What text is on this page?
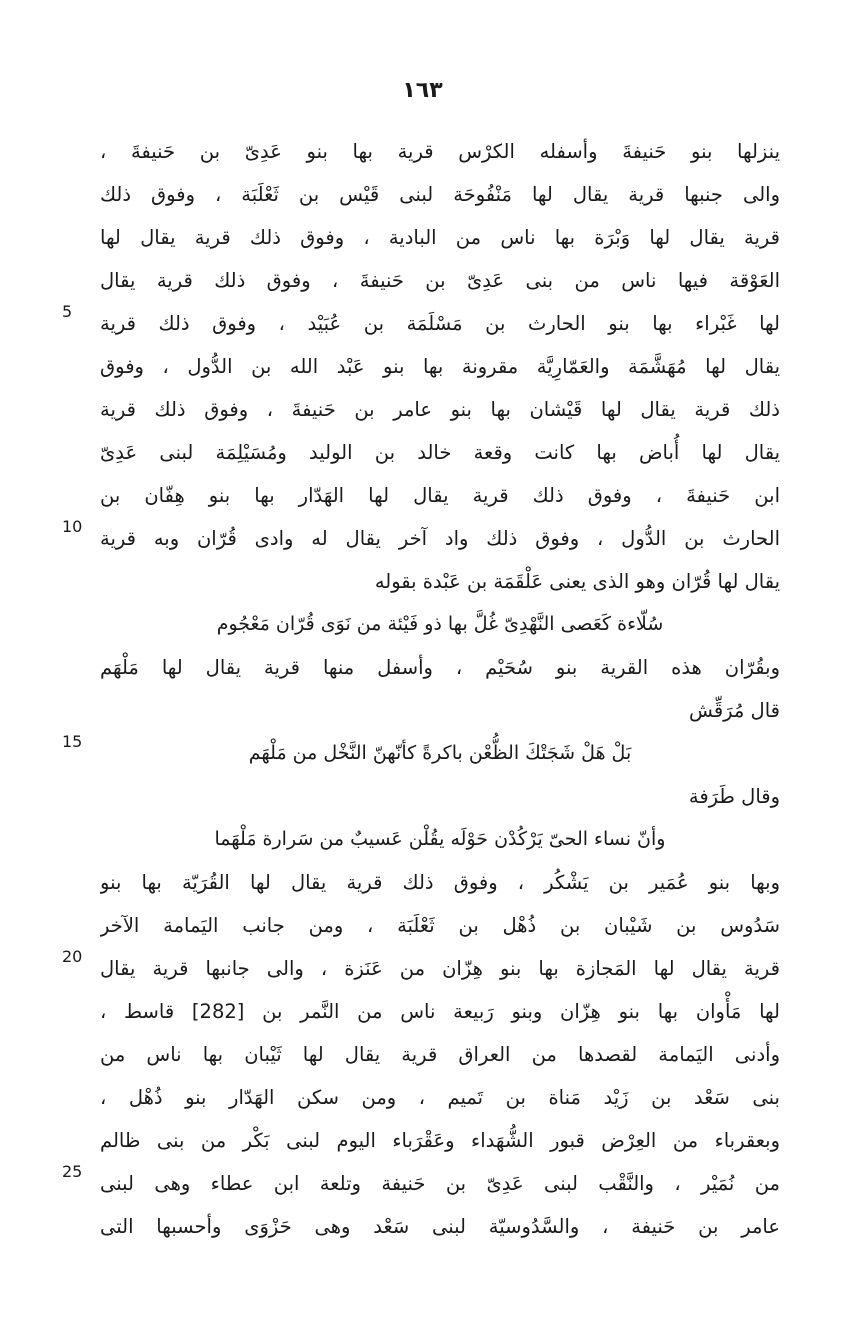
١٦٣
ينزلها بنو حَنيفةَ وأسفله الكرْس قرية بها بنو عَدِىّ بن حَنيفةَ ،
والى جنبها قرية يقال لها مَنْفُوحَة لبنى قَيْس بن ثَعْلَبَة ، وفوق ذلك
قرية يقال لها وَبْرَة بها ناس من البادية ، وفوق ذلك قرية يقال لها
العَوْقة فيها ناس من بنى عَدِىّ بن حَنيفةَ ، وفوق ذلك قرية يقال
لها غَبْراء بها بنو الحارث بن مَسْلَمَة بن عُبَيْد ، وفوق ذلك قرية
يقال لها مُهَشَّمَة والعَمّارِيَّة مقرونة بها بنو عَبْد الله بن الدُّول ، وفوق
ذلك قرية يقال لها قَيْشان بها بنو عامر بن حَنيفةَ ، وفوق ذلك قرية
يقال لها أُباض بها كانت وقعة خالد بن الوليد ومُسَيْلِمَة لبنى عَدِىّ
ابن حَنيفةَ ، وفوق ذلك قرية يقال لها الهَدّار بها بنو هِفّان بن
الحارث بن الدُّول ، وفوق ذلك واد آخر يقال له وادى قُرّان وبه قرية
يقال لها قُرّان وهو الذى يعنى عَلْقَمَة بن عَبْدة بقوله
سُلّاءة كَعَصى النَّهْدِىّ غُلَّ بها ذو فَيْئة من نَوَى قُرّان مَعْجُوم
وبقُرّان هذه القرية بنو سُحَيْم ، وأسفل منها قرية يقال لها مَلْهَم
قال مُرَقِّش
بَلْ هَلْ شَجَتْكَ الظُّعْن باكرةً كأنّهنّ النَّخْل من مَلْهَم
وقال طَرَفة
وأنّ نساء الحىّ يَرْكُدْن حَوْلَه يقُلْن عَسيبٌ من سَرارة مَلْهَما
وبها بنو عُمَير بن يَشْكُر ، وفوق ذلك قرية يقال لها القُرَيّة بها بنو
سَدُوس بن شَيْبان بن ذُهْل بن ثَعْلَبَة ، ومن جانب اليَمامة الآخر
قرية يقال لها المَجازة بها بنو هِزّان من عَنَزة ، والى جانبها قرية يقال
لها مَأْوان بها بنو هِزّان وبنو رَبيعة ناس من النَّمر بن [282] قاسط ،
وأدنى اليَمامة لقصدها من العراق قرية يقال لها ثَيْبان بها ناس من
بنى سَعْد بن زَيْد مَناة بن تَميم ، ومن سكن الهَدّار بنو ذُهْل ،
وبعقرباء من العِرْض قبور الشُّهَداء وعَقْرَباء اليوم لبنى بَكْر من بنى ظالم
من نُمَيْر ، والنَّقْب لبنى عَدِىّ بن حَنيفة وتلعة ابن عطاء وهى لبنى
عامر بن حَنيفة ، والسَّدُوسيّة لبنى سَعْد وهى حَزْوَى وأحسبها التى
5
10
15
20
25
